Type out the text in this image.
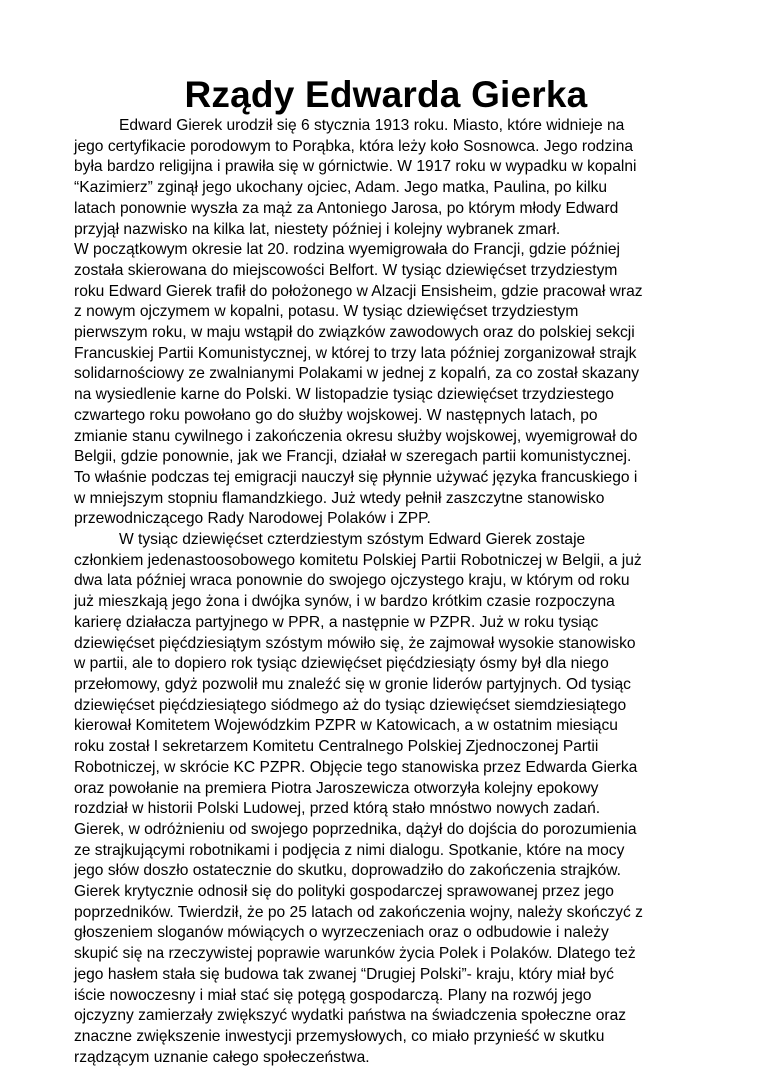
Rządy Edwarda Gierka
Edward Gierek urodził się 6 stycznia 1913 roku. Miasto, które widnieje na
jego certyfikacie porodowym to Porąbka, która leży koło Sosnowca. Jego rodzina
była bardzo religijna i prawiła się w górnictwie. W 1917 roku w wypadku w kopalni
“Kazimierz” zginął jego ukochany ojciec, Adam. Jego matka, Paulina, po kilku
latach ponownie wyszła za mąż za Antoniego Jarosa, po którym młody Edward
przyjął nazwisko na kilka lat, niestety później i kolejny wybranek zmarł.
W początkowym okresie lat 20. rodzina wyemigrowała do Francji, gdzie później
została skierowana do miejscowości Belfort. W tysiąc dziewięćset trzydziestym
roku Edward Gierek trafił do położonego w Alzacji Ensisheim, gdzie pracował wraz
z nowym ojczymem w kopalni, potasu. W tysiąc dziewięćset trzydziestym
pierwszym roku, w maju wstąpił do związków zawodowych oraz do polskiej sekcji
Francuskiej Partii Komunistycznej, w której to trzy lata później zorganizował strajk
solidarnościowy ze zwalnianymi Polakami w jednej z kopalń, za co został skazany
na wysiedlenie karne do Polski. W listopadzie tysiąc dziewięćset trzydziestego
czwartego roku powołano go do służby wojskowej. W następnych latach, po
zmianie stanu cywilnego i zakończenia okresu służby wojskowej, wyemigrował do
Belgii, gdzie ponownie, jak we Francji, działał w szeregach partii komunistycznej.
To właśnie podczas tej emigracji nauczył się płynnie używać języka francuskiego i
w mniejszym stopniu flamandzkiego. Już wtedy pełnił zaszczytne stanowisko
przewodniczącego Rady Narodowej Polaków i ZPP.
W tysiąc dziewięćset czterdziestym szóstym Edward Gierek zostaje
członkiem jedenastoosobowego komitetu Polskiej Partii Robotniczej w Belgii, a już
dwa lata później wraca ponownie do swojego ojczystego kraju, w którym od roku
już mieszkają jego żona i dwójka synów, i w bardzo krótkim czasie rozpoczyna
karierę działacza partyjnego w PPR, a następnie w PZPR. Już w roku tysiąc
dziewięćset pięćdziesiątym szóstym mówiło się, że zajmował wysokie stanowisko
w partii, ale to dopiero rok tysiąc dziewięćset pięćdziesiąty ósmy był dla niego
przełomowy, gdyż pozwolił mu znaleźć się w gronie liderów partyjnych. Od tysiąc
dziewięćset pięćdziesiątego siódmego aż do tysiąc dziewięćset siemdziesiątego
kierował Komitetem Wojewódzkim PZPR w Katowicach, a w ostatnim miesiącu
roku został I sekretarzem Komitetu Centralnego Polskiej Zjednoczonej Partii
Robotniczej, w skrócie KC PZPR. Objęcie tego stanowiska przez Edwarda Gierka
oraz powołanie na premiera Piotra Jaroszewicza otworzyła kolejny epokowy
rozdział w historii Polski Ludowej, przed którą stało mnóstwo nowych zadań.
Gierek, w odróżnieniu od swojego poprzednika, dążył do dojścia do porozumienia
ze strajkującymi robotnikami i podjęcia z nimi dialogu. Spotkanie, które na mocy
jego słów doszło ostatecznie do skutku, doprowadziło do zakończenia strajków.
Gierek krytycznie odnosił się do polityki gospodarczej sprawowanej przez jego
poprzedników. Twierdził, że po 25 latach od zakończenia wojny, należy skończyć z
głoszeniem sloganów mówiących o wyrzeczeniach oraz o odbudowie i należy
skupić się na rzeczywistej poprawie warunków życia Polek i Polaków. Dlatego też
jego hasłem stała się budowa tak zwanej “Drugiej Polski”- kraju, który miał być
iście nowoczesny i miał stać się potęgą gospodarczą. Plany na rozwój jego
ojczyzny zamierzały zwiększyć wydatki państwa na świadczenia społeczne oraz
znaczne zwiększenie inwestycji przemysłowych, co miało przynieść w skutku
rządzącym uznanie całego społeczeństwa.
